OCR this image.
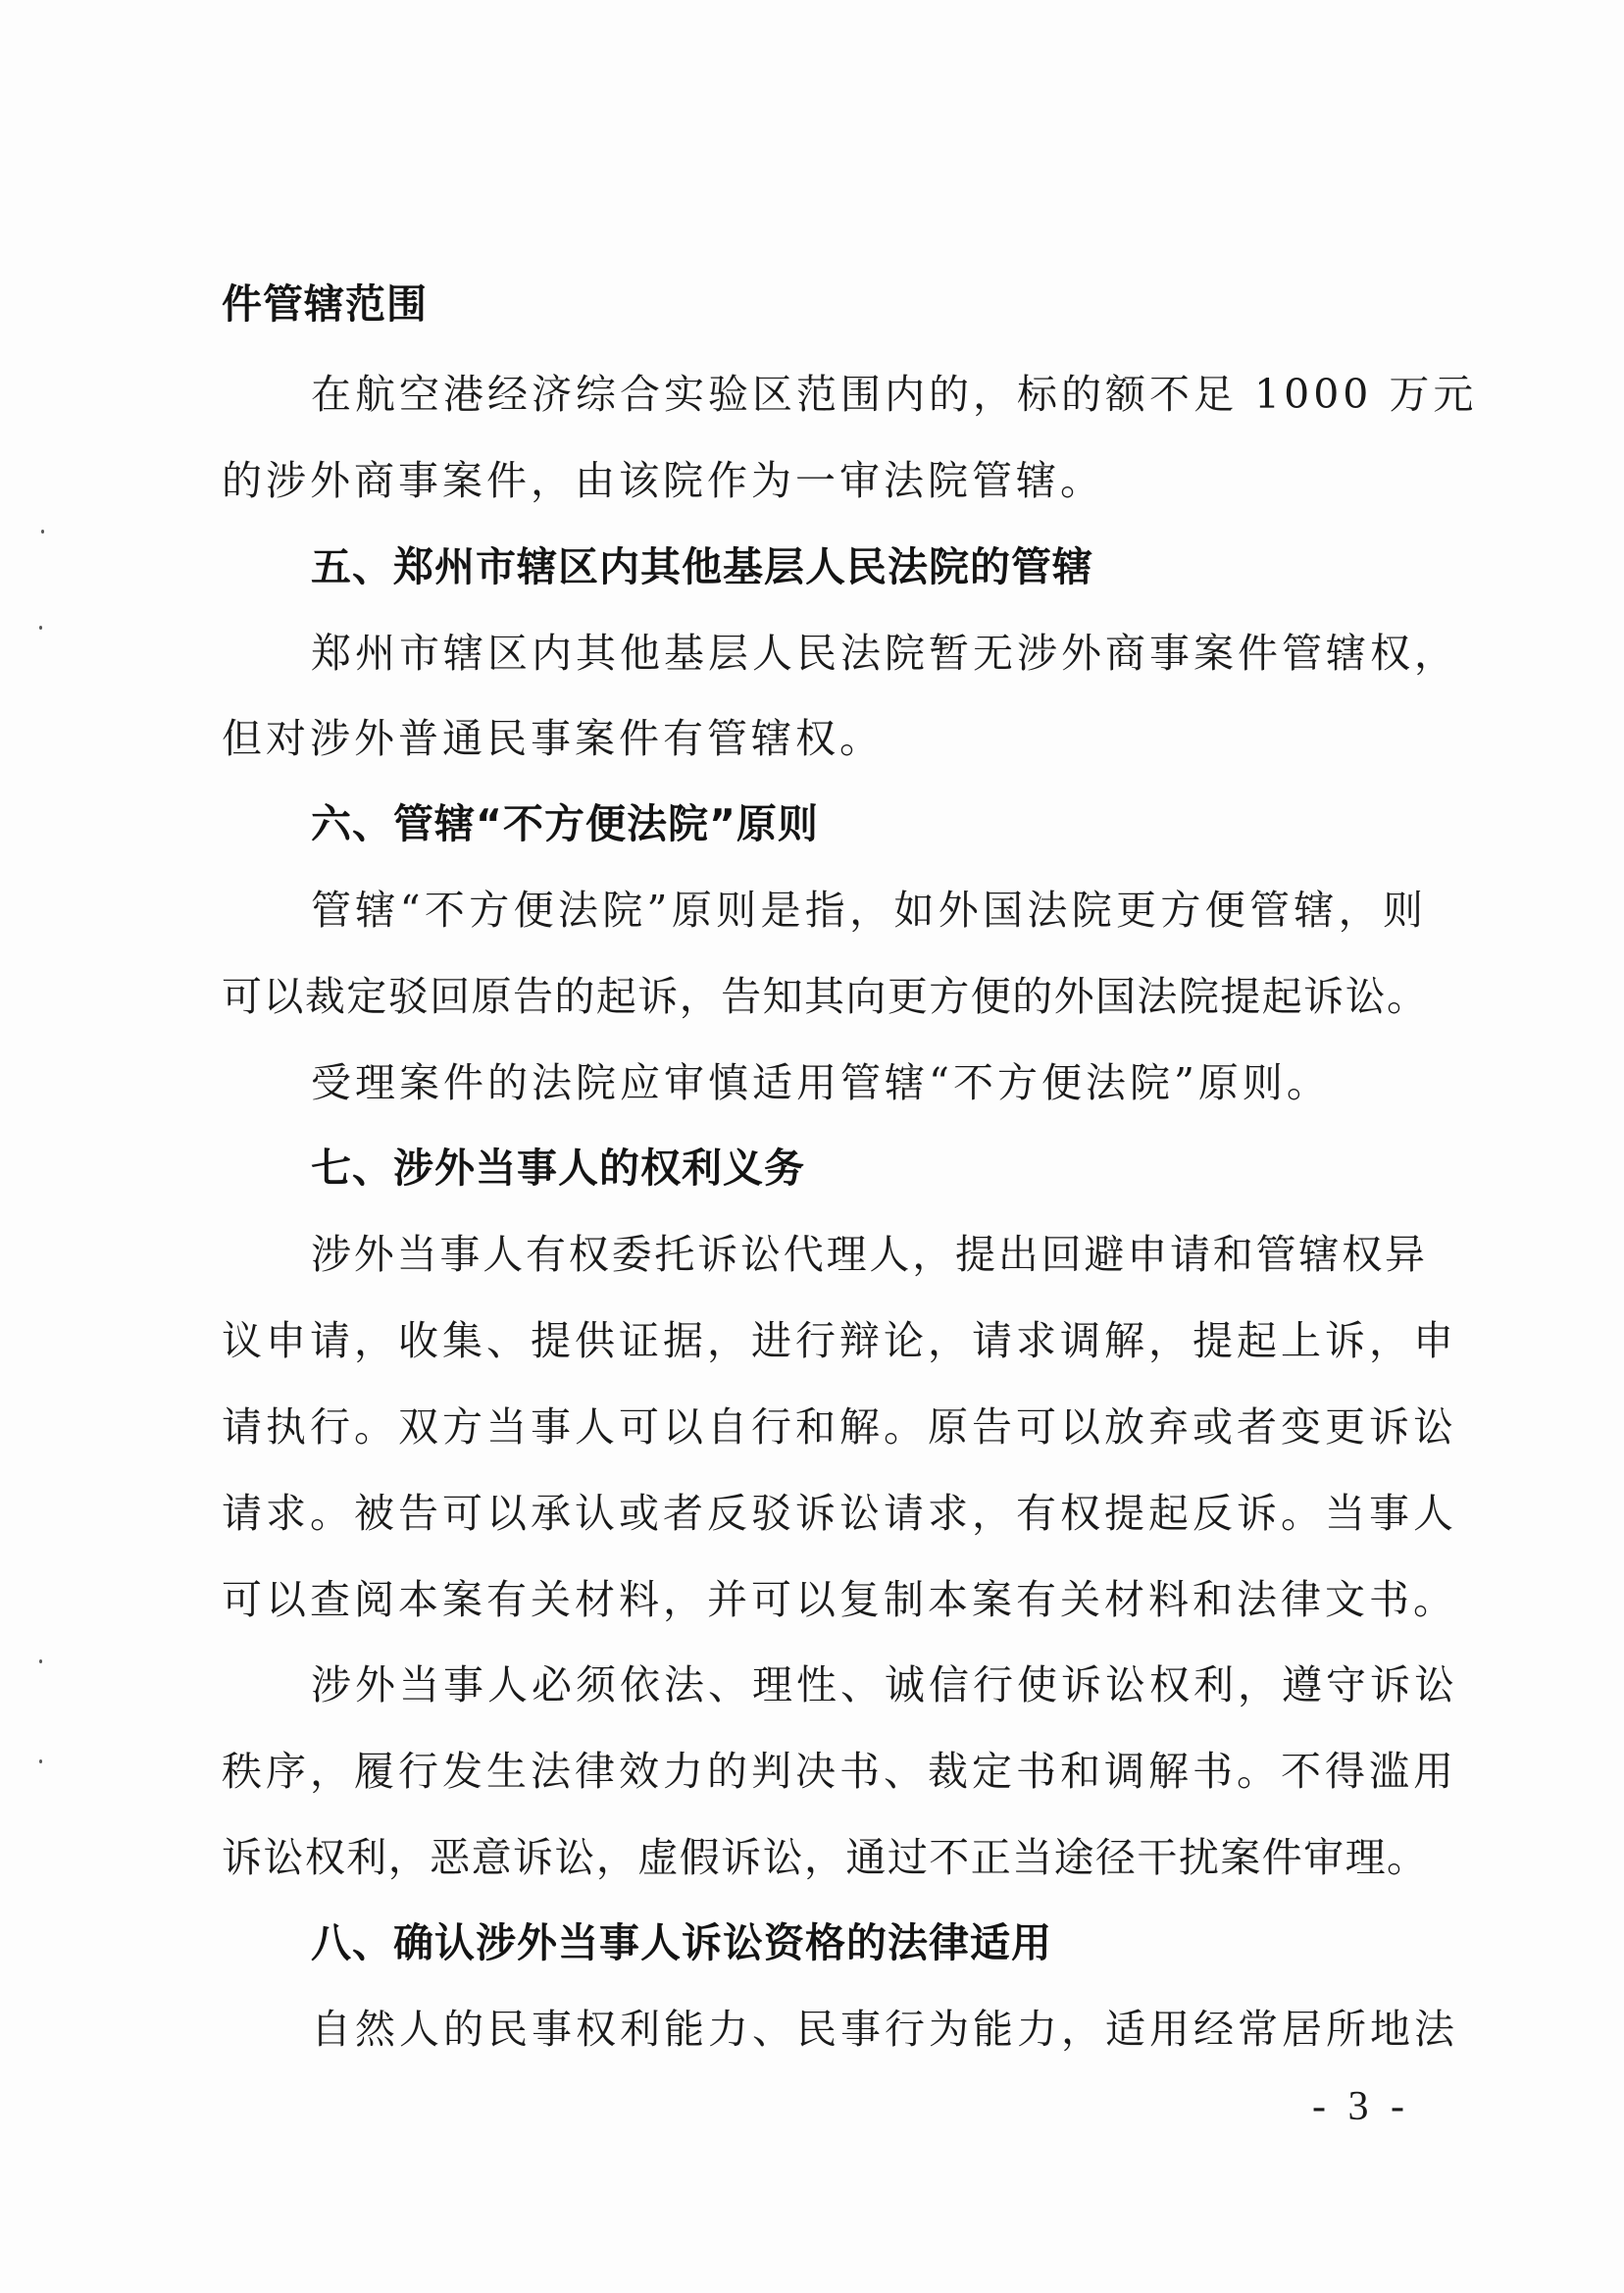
件管辖范围
在航空港经济综合实验区范围内的，标的额不足 1000 万元
的涉外商事案件，由该院作为一审法院管辖。
五、郑州市辖区内其他基层人民法院的管辖
郑州市辖区内其他基层人民法院暂无涉外商事案件管辖权，
但对涉外普通民事案件有管辖权。
六、管辖“不方便法院”原则
管辖“不方便法院”原则是指，如外国法院更方便管辖，则
可以裁定驳回原告的起诉，告知其向更方便的外国法院提起诉讼。
受理案件的法院应审慎适用管辖“不方便法院”原则。
七、涉外当事人的权利义务
涉外当事人有权委托诉讼代理人，提出回避申请和管辖权异
议申请，收集、提供证据，进行辩论，请求调解，提起上诉，申
请执行。双方当事人可以自行和解。原告可以放弃或者变更诉讼
请求。被告可以承认或者反驳诉讼请求，有权提起反诉。当事人
可以查阅本案有关材料，并可以复制本案有关材料和法律文书。
涉外当事人必须依法、理性、诚信行使诉讼权利，遵守诉讼
秩序，履行发生法律效力的判决书、裁定书和调解书。不得滥用
诉讼权利，恶意诉讼，虚假诉讼，通过不正当途径干扰案件审理。
八、确认涉外当事人诉讼资格的法律适用
自然人的民事权利能力、民事行为能力，适用经常居所地法
- 3 -
